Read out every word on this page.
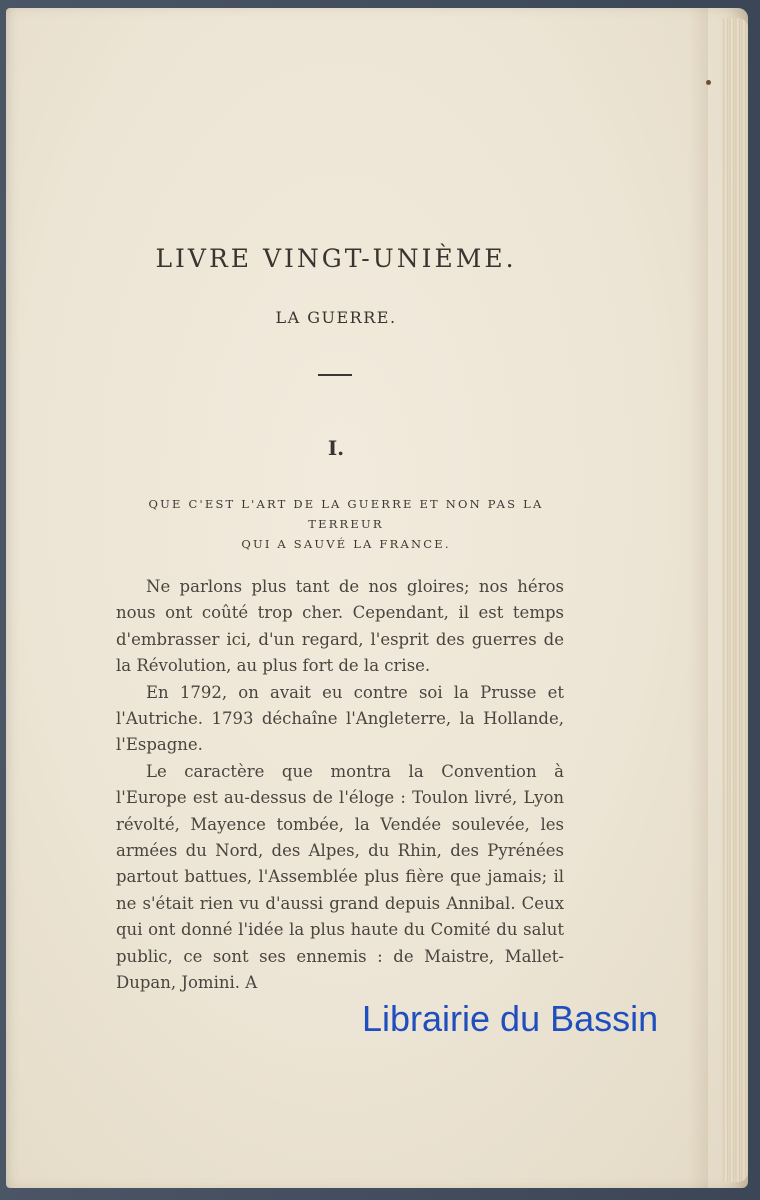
LIVRE VINGT-UNIÈME.
LA GUERRE.
I.
QUE C'EST L'ART DE LA GUERRE ET NON PAS LA TERREUR
QUI A SAUVÉ LA FRANCE.

Ne parlons plus tant de nos gloires; nos héros nous ont coûté trop cher. Cependant, il est temps d'embrasser ici, d'un regard, l'esprit des guerres de la Révolution, au plus fort de la crise.

En 1792, on avait eu contre soi la Prusse et l'Autriche. 1793 déchaîne l'Angleterre, la Hollande, l'Espagne.

Le caractère que montra la Convention à l'Europe est au-dessus de l'éloge : Toulon livré, Lyon révolté, Mayence tombée, la Vendée soulevée, les armées du Nord, des Alpes, du Rhin, des Pyrénées partout battues, l'Assemblée plus fière que jamais; il ne s'était rien vu d'aussi grand depuis Annibal. Ceux qui ont donné l'idée la plus haute du Comité du salut public, ce sont ses ennemis : de Maistre, Mallet-Dupan, Jomini. A

Librairie du Bassin
